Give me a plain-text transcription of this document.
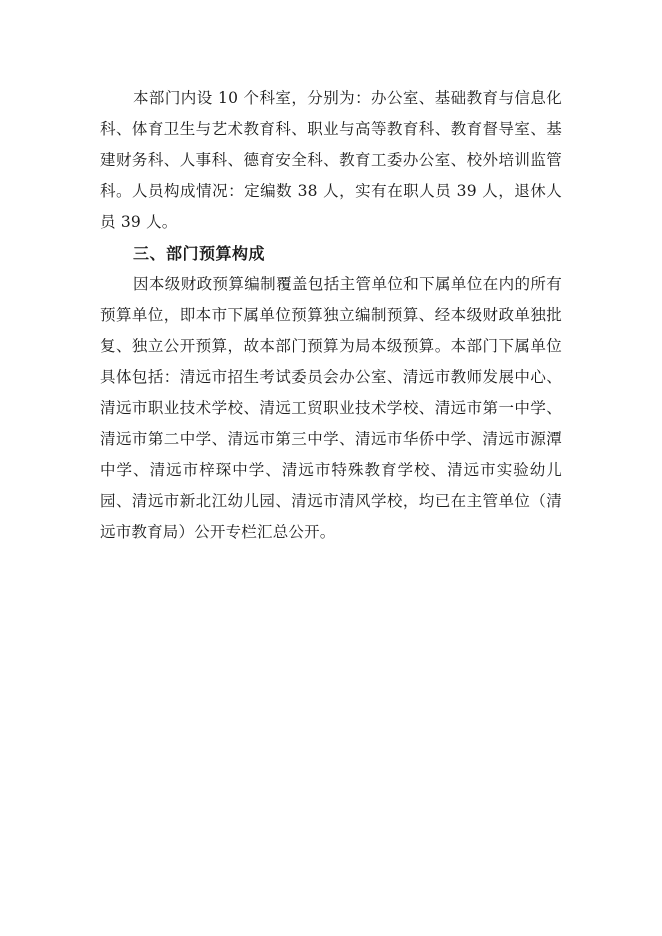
本部门内设 10 个科室，分别为：办公室、基础教育与信息化科、体育卫生与艺术教育科、职业与高等教育科、教育督导室、基建财务科、人事科、德育安全科、教育工委办公室、校外培训监管科。人员构成情况：定编数 38 人，实有在职人员 39 人，退休人员 39 人。

三、部门预算构成

因本级财政预算编制覆盖包括主管单位和下属单位在内的所有预算单位，即本市下属单位预算独立编制预算、经本级财政单独批复、独立公开预算，故本部门预算为局本级预算。本部门下属单位具体包括：清远市招生考试委员会办公室、清远市教师发展中心、清远市职业技术学校、清远工贸职业技术学校、清远市第一中学、清远市第二中学、清远市第三中学、清远市华侨中学、清远市源潭中学、清远市梓琛中学、清远市特殊教育学校、清远市实验幼儿园、清远市新北江幼儿园、清远市清风学校，均已在主管单位（清远市教育局）公开专栏汇总公开。
